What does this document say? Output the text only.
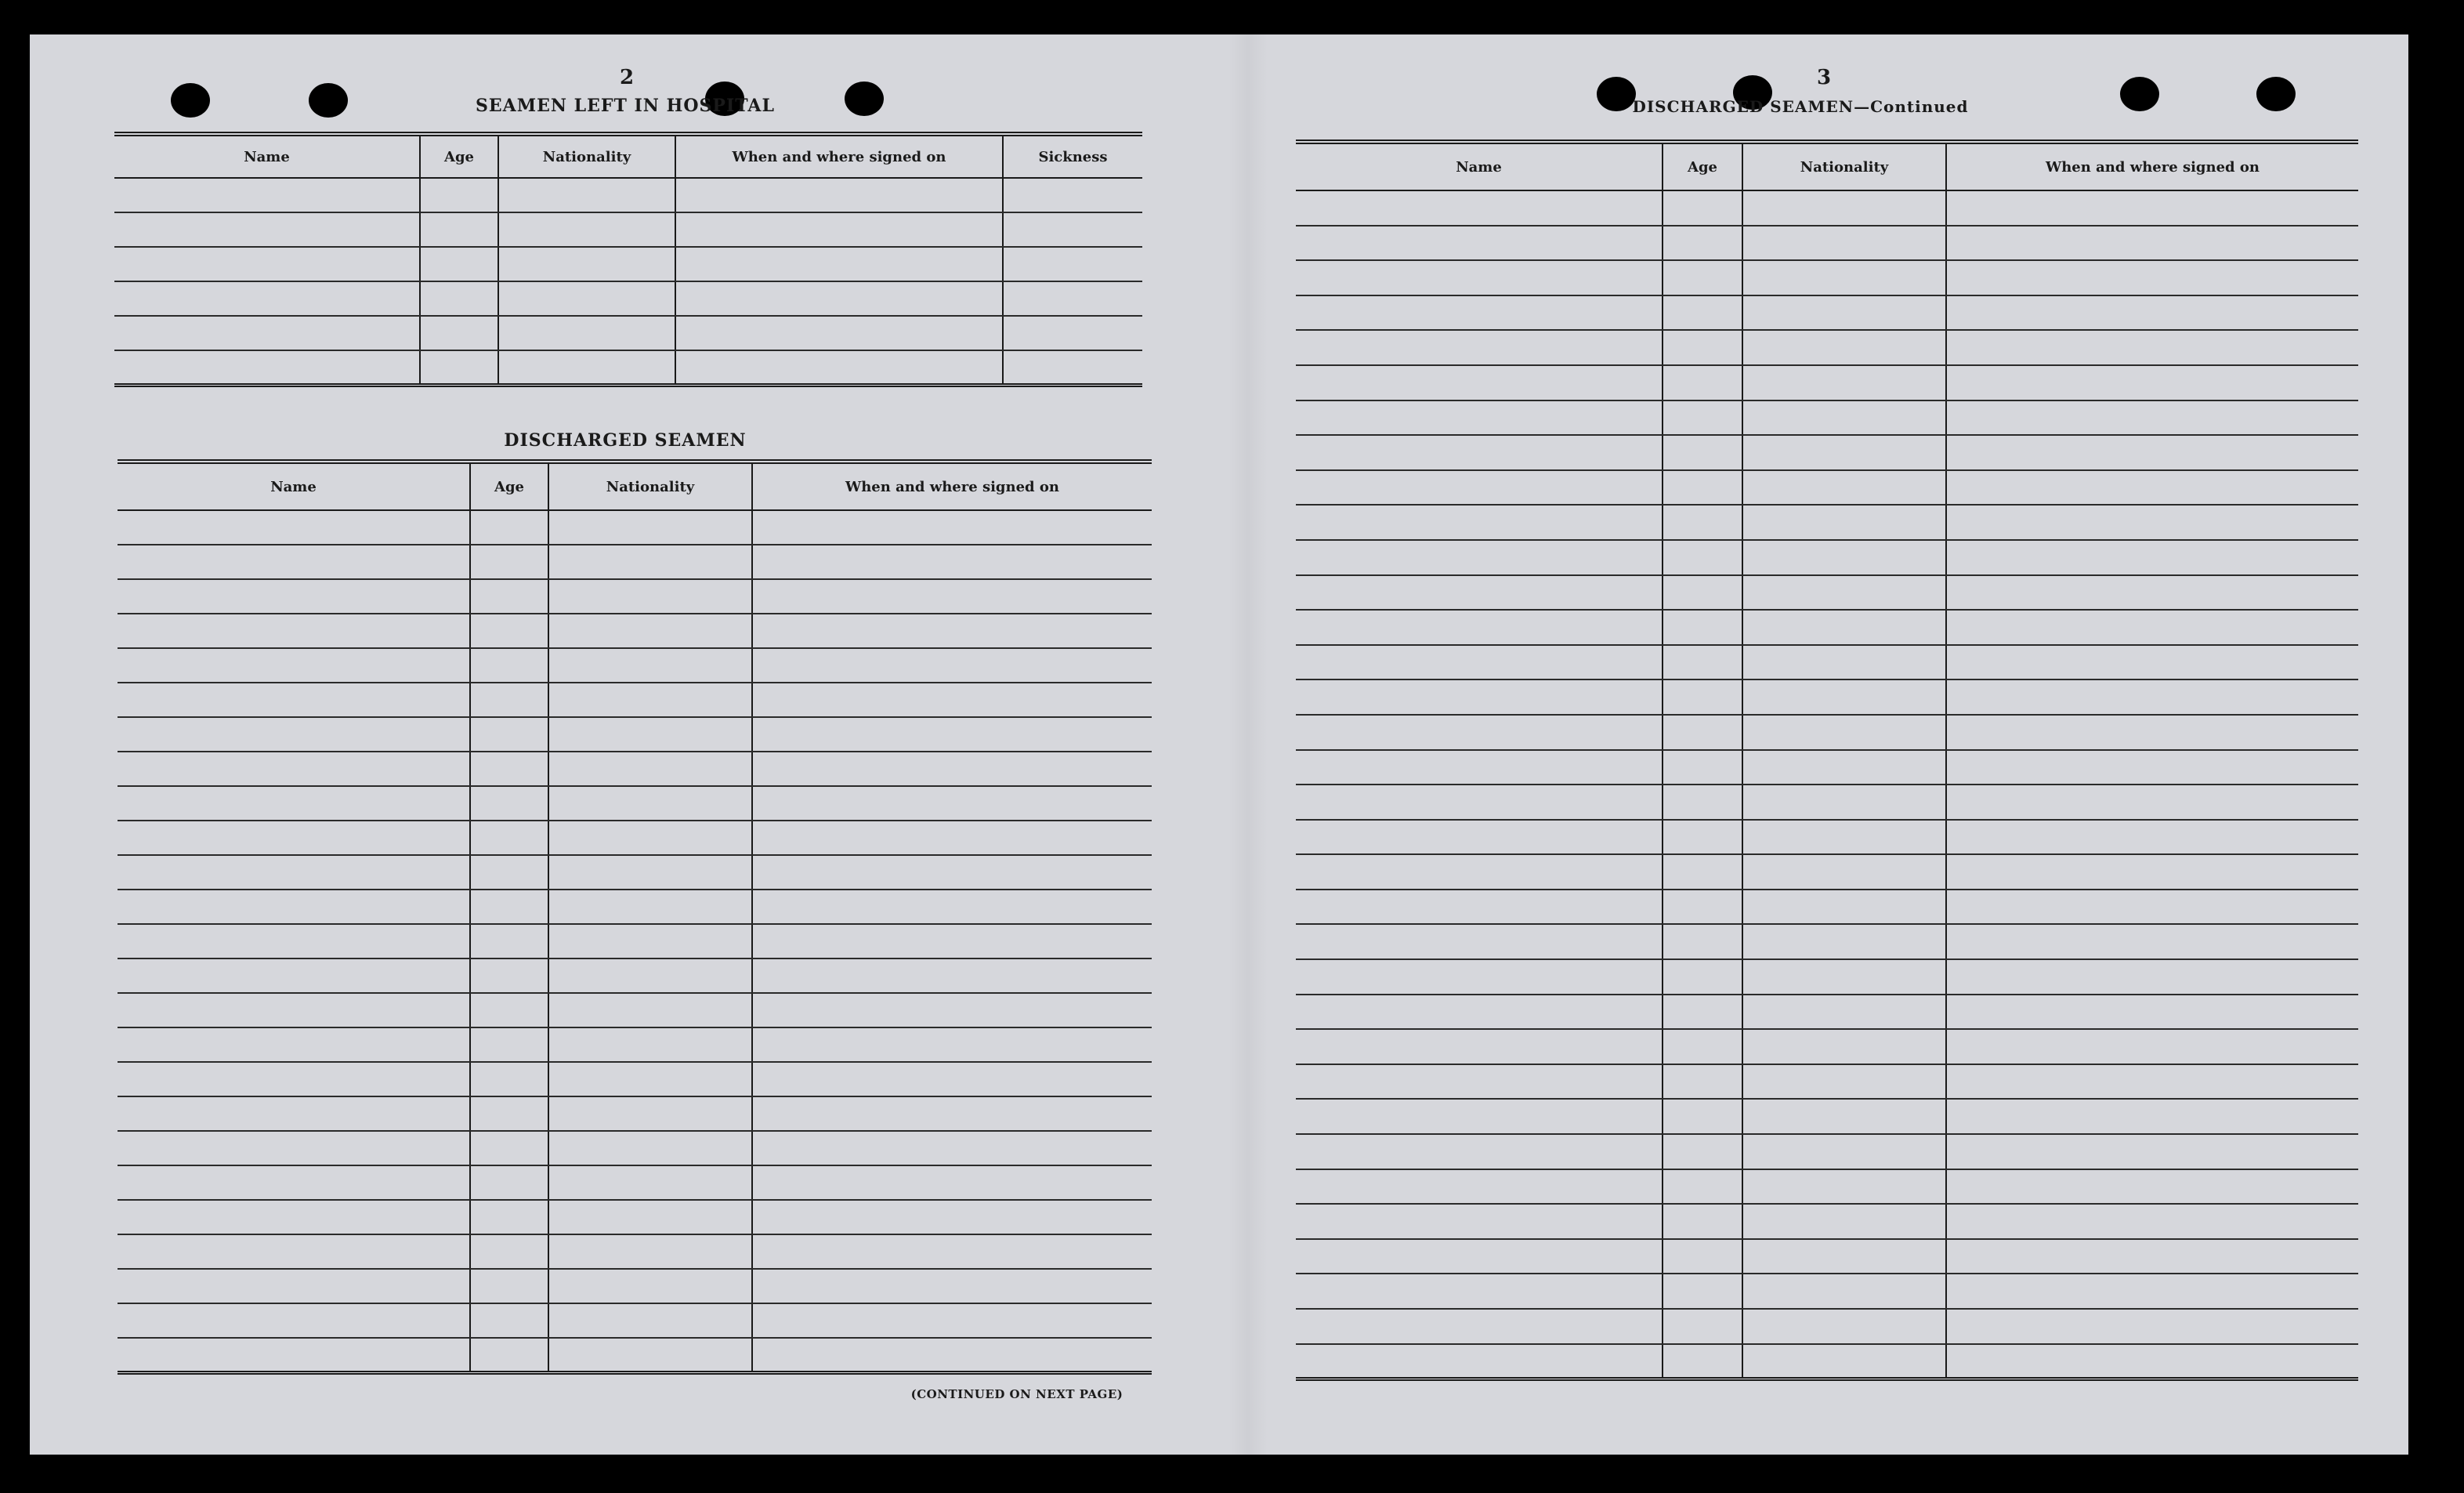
2
SEAMEN LEFT IN HOSPITAL
Name	Age	Nationality	When and where signed on	Sickness

DISCHARGED SEAMEN
Name	Age	Nationality	When and where signed on

(CONTINUED ON NEXT PAGE)
3
DISCHARGED SEAMEN—Continued
Name	Age	Nationality	When and where signed on
